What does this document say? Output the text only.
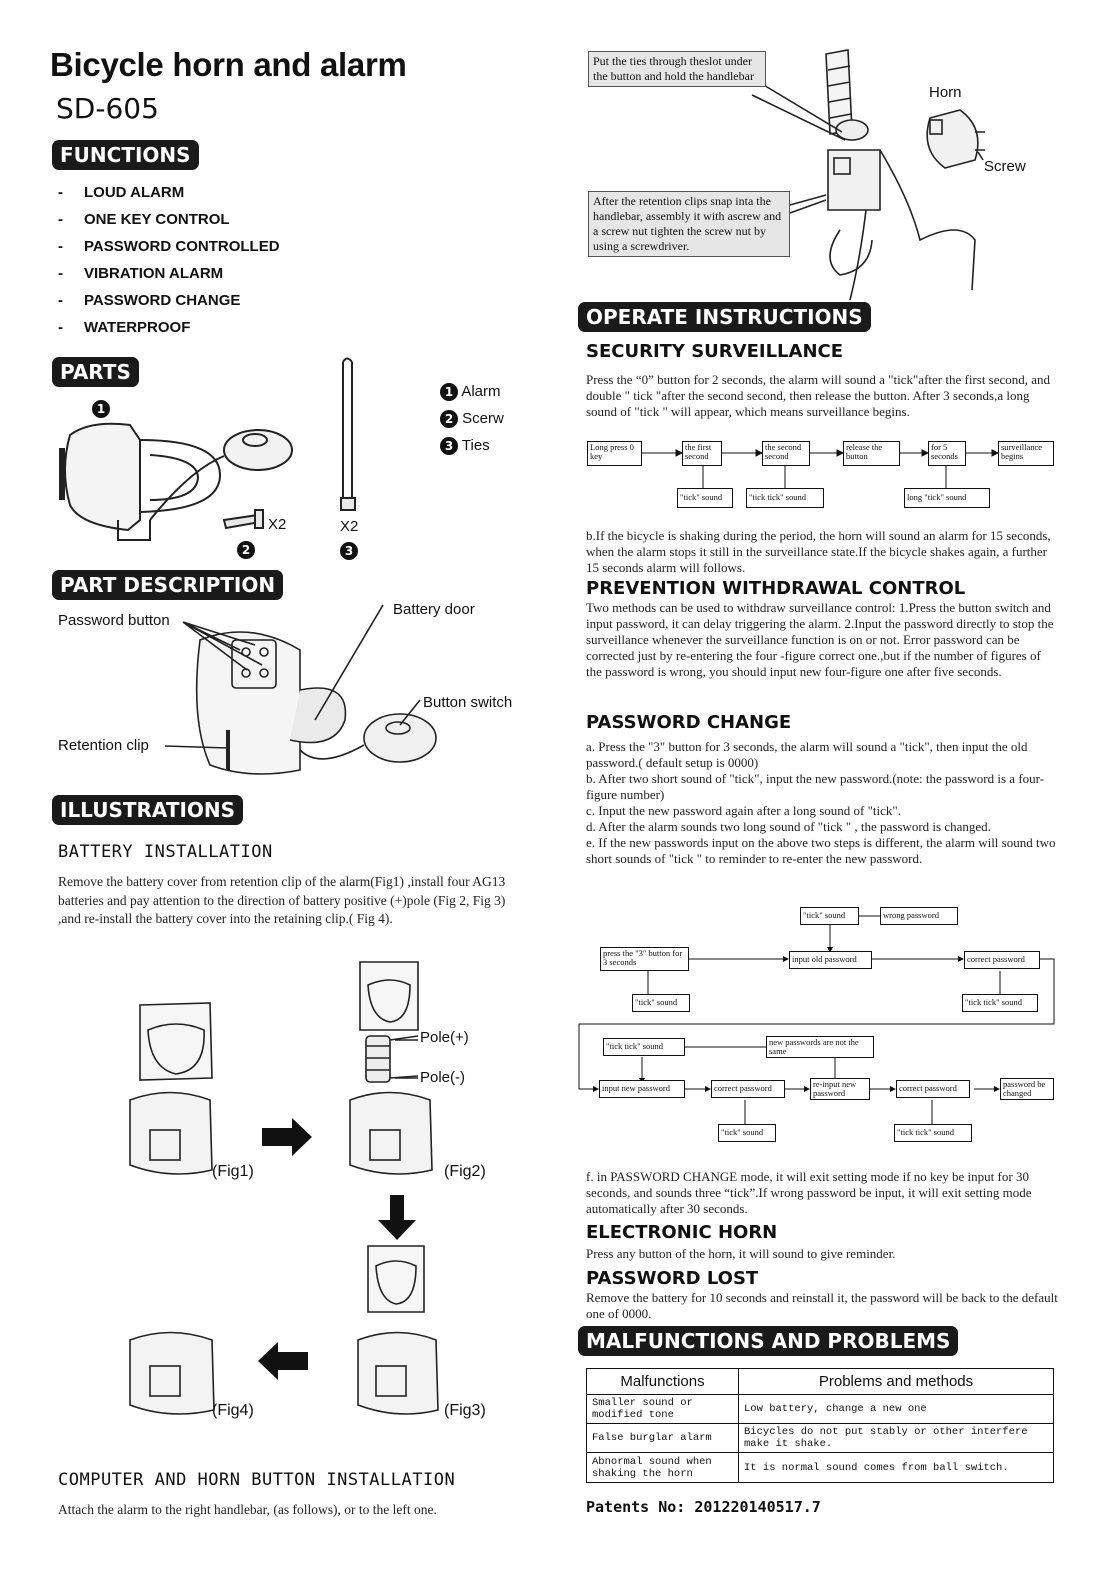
Bicycle horn and alarm
SD-605
FUNCTIONS
- LOUD ALARM
- ONE KEY CONTROL
- PASSWORD CONTROLLED
- VIBRATION ALARM
- PASSWORD CHANGE
- WATERPROOF
PARTS
1
X2
2
X2
3
1 Alarm
2 Scerw
3 Ties
PART DESCRIPTION
Password button
Battery door
Button switch
Retention clip
ILLUSTRATIONS
BATTERY INSTALLATION
Remove the battery cover from retention clip of the alarm(Fig1) ,install four AG13 batteries and pay attention to the direction of battery positive (+)pole (Fig 2, Fig 3) ,and re-install the battery cover into the retaining clip.( Fig 4).
Pole(+)
Pole(-)
(Fig1)	(Fig2)
(Fig3)
(Fig4)
COMPUTER AND HORN BUTTON INSTALLATION
Attach the alarm to the right handlebar, (as follows), or to the left one.
Put the ties through theslot under the button and hold the handlebar
After the retention clips snap inta the handlebar, assembly it with ascrew and a screw nut tighten the screw nut by using a screwdriver.
Horn
Screw
OPERATE INSTRUCTIONS
SECURITY SURVEILLANCE
Press the “0” button for 2 seconds, the alarm will sound a "tick"after the first second, and double " tick "after the second second, then release the button. After 3 seconds,a long sound of "tick " will appear, which means surveillance begins.
Long press 0 key
the first second
the second second
release the button
for 5 seconds
surveillance begins
"tick" sound	"tick tick" sound	long "tick" sound
b.If the bicycle is shaking during the period, the horn will sound an alarm for 15 seconds, when the alarm stops it still in the surveillance state.If the bicycle shakes again, a further 15 seconds alarm will follows.
PREVENTION WITHDRAWAL CONTROL
Two methods can be used to withdraw surveillance control: 1.Press the button switch and input password, it can delay triggering the alarm. 2.Input the password directly to stop the surveillance whenever the surveillance function is on or not. Error password can be corrected just by re-entering the four -figure correct one.,but if the number of figures of the password is wrong, you should input new four-figure one after five seconds.
PASSWORD CHANGE
a. Press the "3" button for 3 seconds, the alarm will sound a "tick", then input the old password.( default setup is 0000)
b. After two short sound of "tick", input the new password.(note: the password is a four-figure number)
c. Input the new password again after a long sound of "tick".
d. After the alarm sounds two long sound of "tick " , the password is changed.
e. If the new passwords input on the above two steps is different, the alarm will sound two short sounds of "tick " to reminder to re-enter the new password.
"tick" sound	wrong password
press the "3" button for 3 seconds	input old password	correct password
"tick" sound	"tick tick" sound
"tick tick" sound	new passwords are not the same
input new password	correct password	re-input new password	correct password	password be changed
"tick" sound	"tick tick" sound
f. in PASSWORD CHANGE mode, it will exit setting mode if no key be input for 30 seconds, and sounds three “tick”.If wrong password be input, it will exit setting mode automatically after 30 seconds.
ELECTRONIC HORN
Press any button of the horn, it will sound to give reminder.
PASSWORD LOST
Remove the battery for 10 seconds and reinstall it, the password will be back to the default one of 0000.
MALFUNCTIONS AND PROBLEMS
Malfunctions	Problems and methods
Smaller sound or modified tone	Low battery, change a new one
False burglar alarm	Bicycles do not put stably or other interfere make it shake.
Abnormal sound when shaking the horn	It is normal sound comes from ball switch.
Patents No: 201220140517.7
